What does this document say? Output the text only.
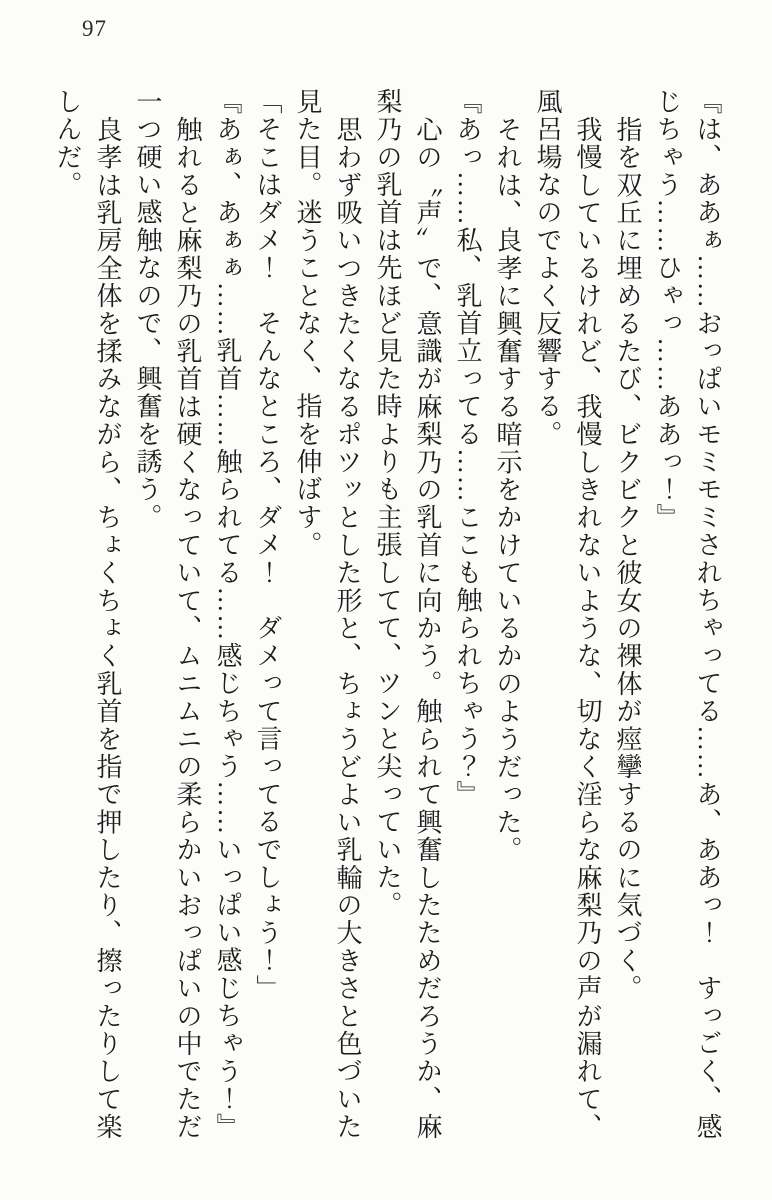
97

『は、ああぁ……おっぱいモミモミされちゃってる……あ、ああっ！　すっごく、感じちゃう……ひゃっ……ああっ！』

指を双丘に埋めるたび、ビクビクと彼女の裸体が痙攣するのに気づく。

我慢しているけれど、我慢しきれないような、切なく淫らな麻梨乃の声が漏れて、風呂場なのでよく反響する。

それは、良孝に興奮する暗示をかけているかのようだった。

『あっ……私、乳首立ってる……ここも触られちゃう？』

心の〝声〟で、意識が麻梨乃の乳首に向かう。触られて興奮したためだろうか、麻梨乃の乳首は先ほど見た時よりも主張してて、ツンと尖っていた。

思わず吸いつきたくなるポツッとした形と、ちょうどよい乳輪の大きさと色づいた見た目。迷うことなく、指を伸ばす。

「そこはダメ！　そんなところ、ダメ！　ダメって言ってるでしょう！」

『あぁ、あぁぁ……乳首……触られてる……感じちゃう……いっぱい感じちゃう！』

触れると麻梨乃の乳首は硬くなっていて、ムニムニの柔らかいおっぱいの中でただ一つ硬い感触なので、興奮を誘う。

良孝は乳房全体を揉みながら、ちょくちょく乳首を指で押したり、擦ったりして楽しんだ。
